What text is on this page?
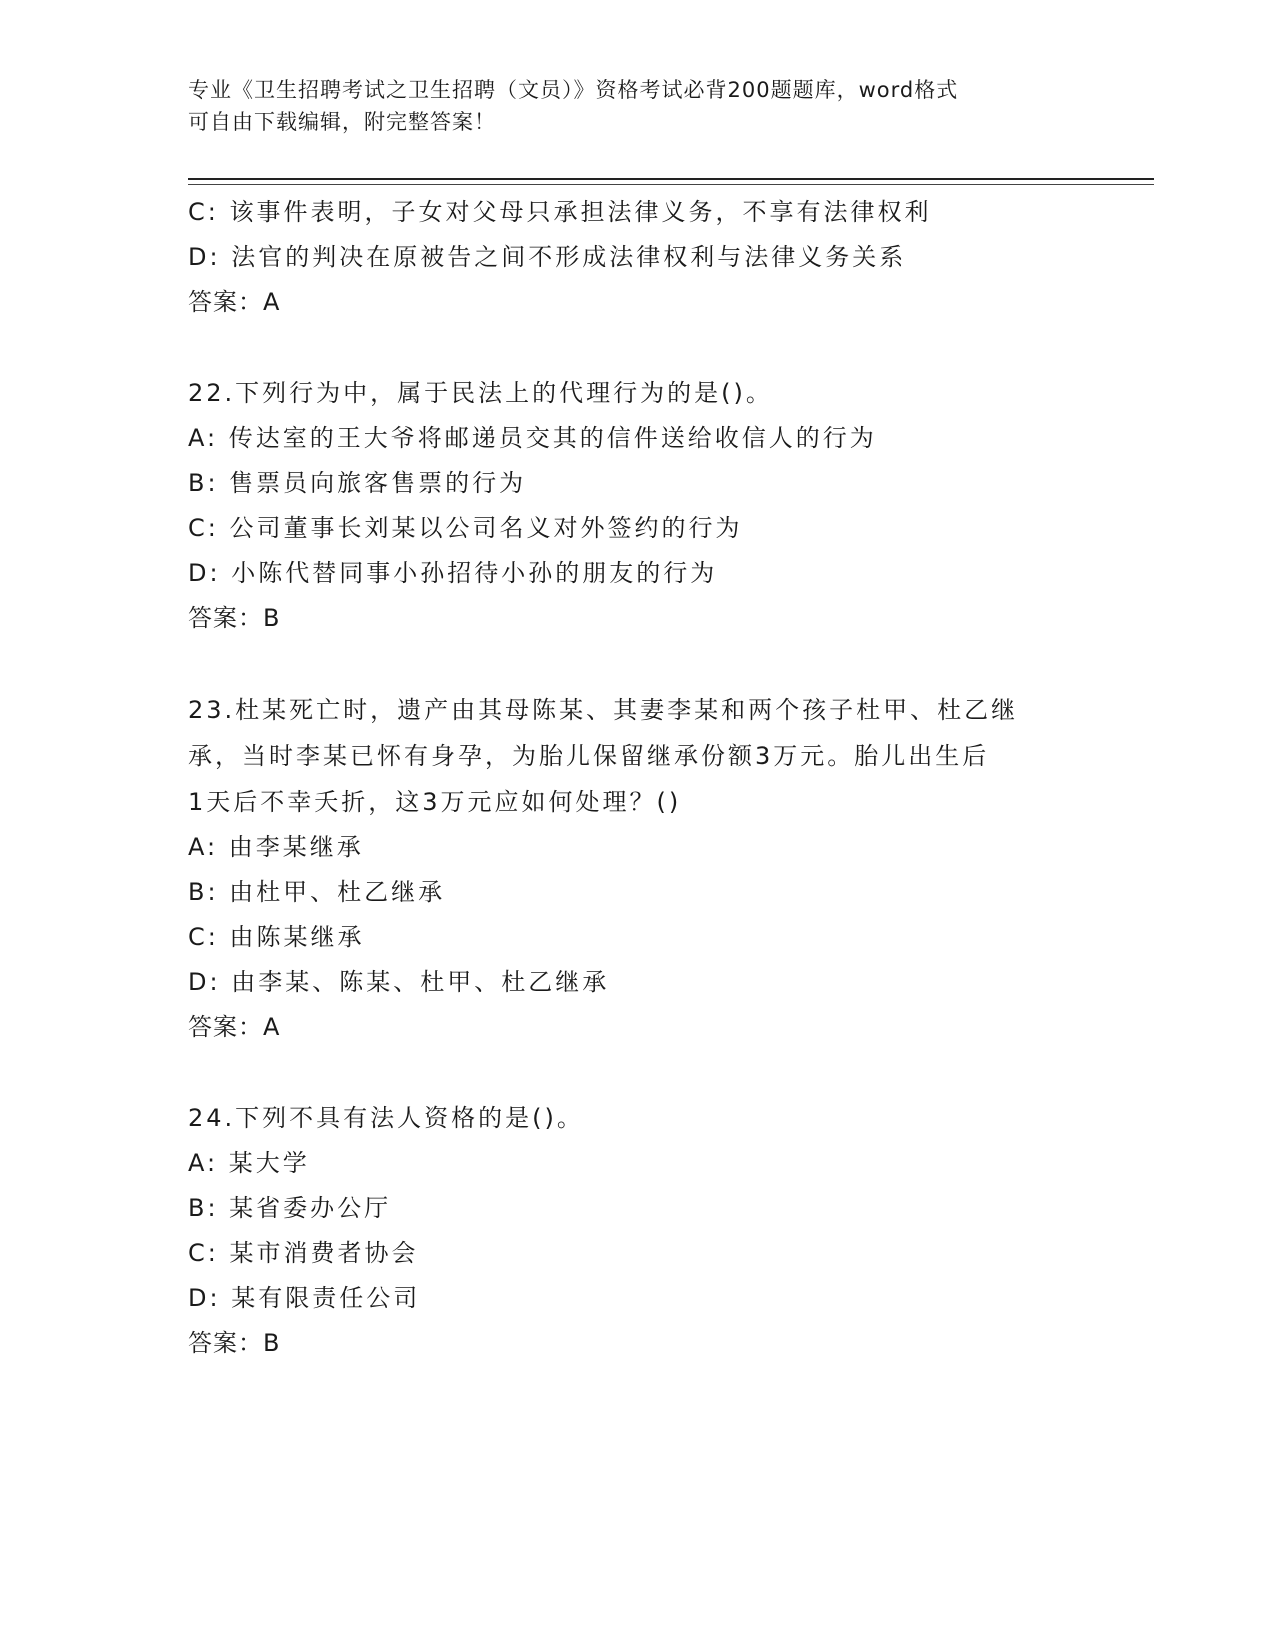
专业《卫生招聘考试之卫生招聘（文员）》资格考试必背200题题库，word格式
可自由下载编辑，附完整答案！
C: 该事件表明，子女对父母只承担法律义务，不享有法律权利
D: 法官的判决在原被告之间不形成法律权利与法律义务关系
答案：A
22.下列行为中，属于民法上的代理行为的是()。
A: 传达室的王大爷将邮递员交其的信件送给收信人的行为
B: 售票员向旅客售票的行为
C: 公司董事长刘某以公司名义对外签约的行为
D: 小陈代替同事小孙招待小孙的朋友的行为
答案：B
23.杜某死亡时，遗产由其母陈某、其妻李某和两个孩子杜甲、杜乙继
承，当时李某已怀有身孕，为胎儿保留继承份额3万元。胎儿出生后
1天后不幸夭折，这3万元应如何处理？()
A: 由李某继承
B: 由杜甲、杜乙继承
C: 由陈某继承
D: 由李某、陈某、杜甲、杜乙继承
答案：A
24.下列不具有法人资格的是()。
A: 某大学
B: 某省委办公厅
C: 某市消费者协会
D: 某有限责任公司
答案：B
